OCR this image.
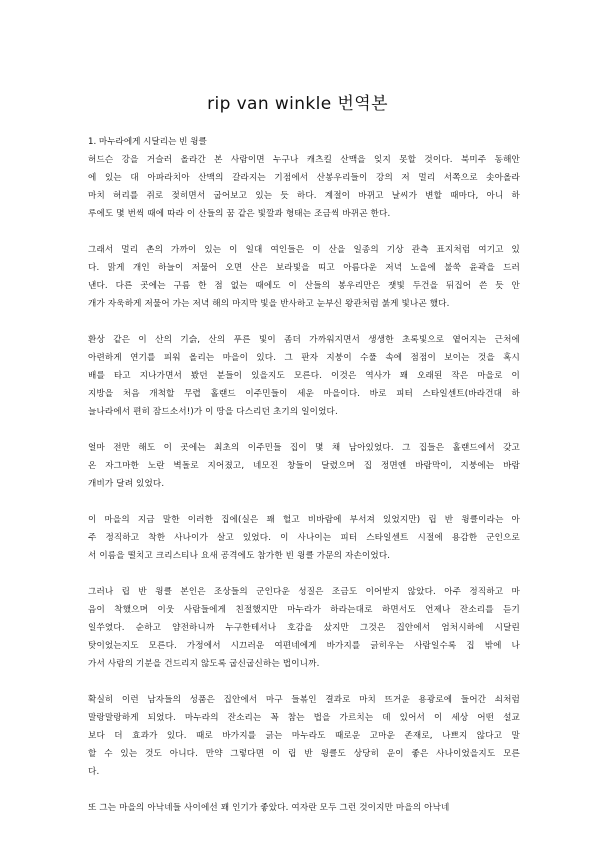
rip van winkle 번역본
1. 마누라에게 시달리는 빈 윙클
허드슨 강을 거슬러 올라간 본 사람이면 누구나 캐츠킬 산맥을 잊지 못할 것이다. 북미주 동해안
에 있는 대 아파라치아 산맥의 갈라지는 기점에서 산봉우리들이 강의 저 멀리 서쪽으로 솟아올라
마치 허리를 쥐로 젖히면서 굽어보고 있는 듯 하다. 계절이 바뀌고 날씨가 변할 때마다, 아니 하
루에도 몇 번씩 때에 따라 이 산들의 꿈 같은 빛깔과 형태는 조금씩 바뀌곤 한다.
그래서 멀리 촌의 가까이 있는 이 일대 여인들은 이 산을 일종의 기상 관측 표지처럼 여기고 있
다. 맑게 개인 하늘이 저물어 오면 산은 보라빛을 띠고 아름다운 저녁 노을에 불쑥 윤곽을 드러
낸다. 다른 곳에는 구름 한 점 없는 때에도 이 산들의 봉우리만은 잿빛 두건을 뒤집어 쓴 듯 안
개가 자욱하게 저물어 가는 저녁 해의 마지막 빛을 반사하고 눈부신 왕관처럼 붉게 빛나곤 했다.
환상 같은 이 산의 기슭, 산의 푸른 빛이 좀더 가까워지면서 생생한 초록빛으로 옅어지는 근처에
아련하게 연기를 피워 올리는 마을이 있다. 그 판자 지붕이 수풀 속에 점점이 보이는 것을 혹시
배를 타고 지나가면서 봤던 분들이 있을지도 모른다. 이것은 역사가 꽤 오래된 작은 마을로 이
지방을 처음 개척할 무렵 홀랜드 이주민들이 세운 마을이다. 바로 피터 스타일센트(바라건대 하
늘나라에서 편히 잠드소서!)가 이 땅을 다스리던 초기의 일이었다.
얼마 전만 해도 이 곳에는 최초의 이주민들 집이 몇 채 남아있었다. 그 집들은 홀랜드에서 갖고
온 자그마한 노란 벽돌로 지어졌고, 네모진 창들이 달렸으며 집 정면엔 바람막이, 지붕에는 바람
개비가 달려 있었다.
이 마을의 지금 말한 이러한 집에(실은 꽤 헐고 비바람에 부서져 있었지만) 립 반 윙클이라는 아
주 정직하고 착한 사나이가 살고 있었다. 이 사나이는 피터 스타일센트 시절에 용감한 군인으로
서 이름을 떨치고 크리스티나 요새 공격에도 참가한 빈 윙클 가문의 자손이었다.
그러나 립 반 윙클 본인은 조상들의 군인다운 성질은 조금도 이어받지 않았다. 아주 정직하고 마
음이 착했으며 이웃 사람들에게 친절했지만 마누라가 하라는대로 하면서도 언제나 잔소리를 듣기
일쑤였다. 순하고 얌전하니까 누구한테서나 호감을 샀지만 그것은 집안에서 엄처시하에 시달린
탓이었는지도 모른다. 가정에서 시끄러운 여편네에게 바가지를 긁히우는 사람일수록 집 밖에 나
가서 사람의 기분을 건드리지 않도록 굽신굽신하는 법이니까.
확실히 이런 남자들의 성품은 집안에서 마구 들볶인 결과로 마치 뜨거운 용광로에 들어간 쇠처럼
말랑말랑하게 되었다. 마누라의 잔소리는 꼭 참는 법을 가르치는 데 있어서 이 세상 어떤 설교
보다 더 효과가 있다. 때로 바가지를 긁는 마누라도 때로운 고마운 존재로, 나쁘지 않다고 말
할 수 있는 것도 아니다. 만약 그렇다면 이 립 반 윙클도 상당히 운이 좋은 사나이었을지도 모른
다.
또 그는 마을의 아낙네들 사이에선 꽤 인기가 좋았다. 여자란 모두 그런 것이지만 마을의 아낙네
